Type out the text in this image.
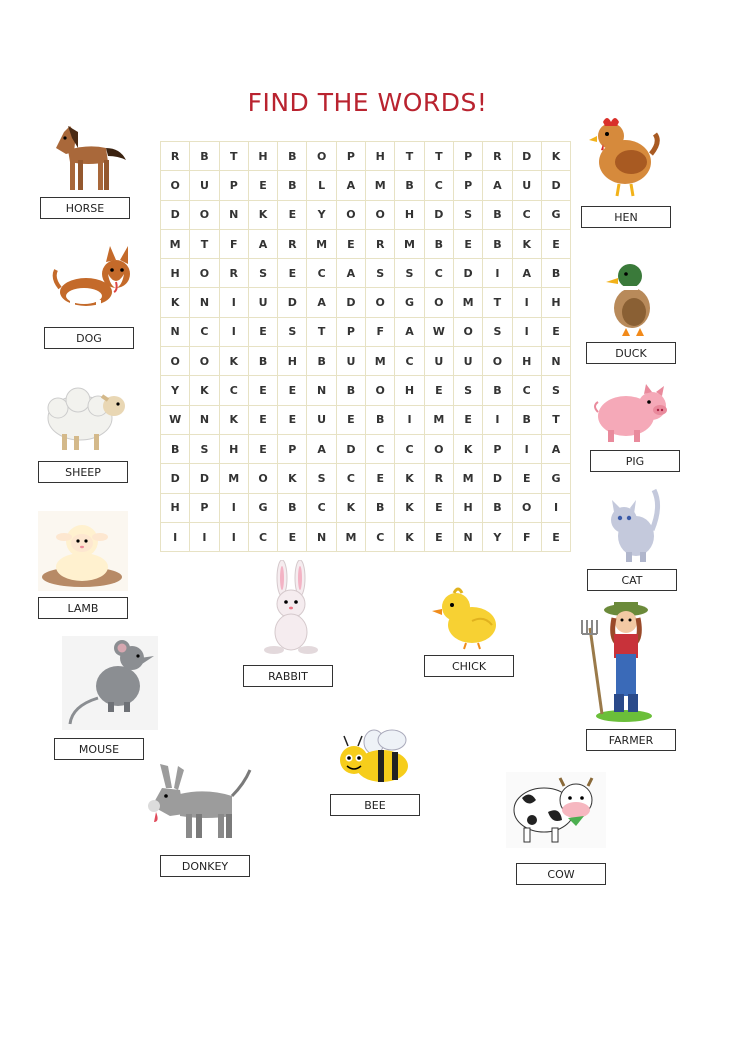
FIND THE WORDS!
R	B	T	H	B	O	P	H	T	T	P	R	D	K
O	U	P	E	B	L	A	M	B	C	P	A	U	D
D	O	N	K	E	Y	O	O	H	D	S	B	C	G
M	T	F	A	R	M	E	R	M	B	E	B	K	E
H	O	R	S	E	C	A	S	S	C	D	I	A	B
K	N	I	U	D	A	D	O	G	O	M	T	I	H
N	C	I	E	S	T	P	F	A	W	O	S	I	E
O	O	K	B	H	B	U	M	C	U	U	O	H	N
Y	K	C	E	E	N	B	O	H	E	S	B	C	S
W	N	K	E	E	U	E	B	I	M	E	I	B	T
B	S	H	E	P	A	D	C	C	O	K	P	I	A
D	D	M	O	K	S	C	E	K	R	M	D	E	G
H	P	I	G	B	C	K	B	K	E	H	B	O	I
I	I	I	C	E	N	M	C	K	E	N	Y	F	E
HORSE
DOG
SHEEP
LAMB
MOUSE
DONKEY
RABBIT
CHICK
BEE
COW
HEN
DUCK
PIG
CAT
FARMER
